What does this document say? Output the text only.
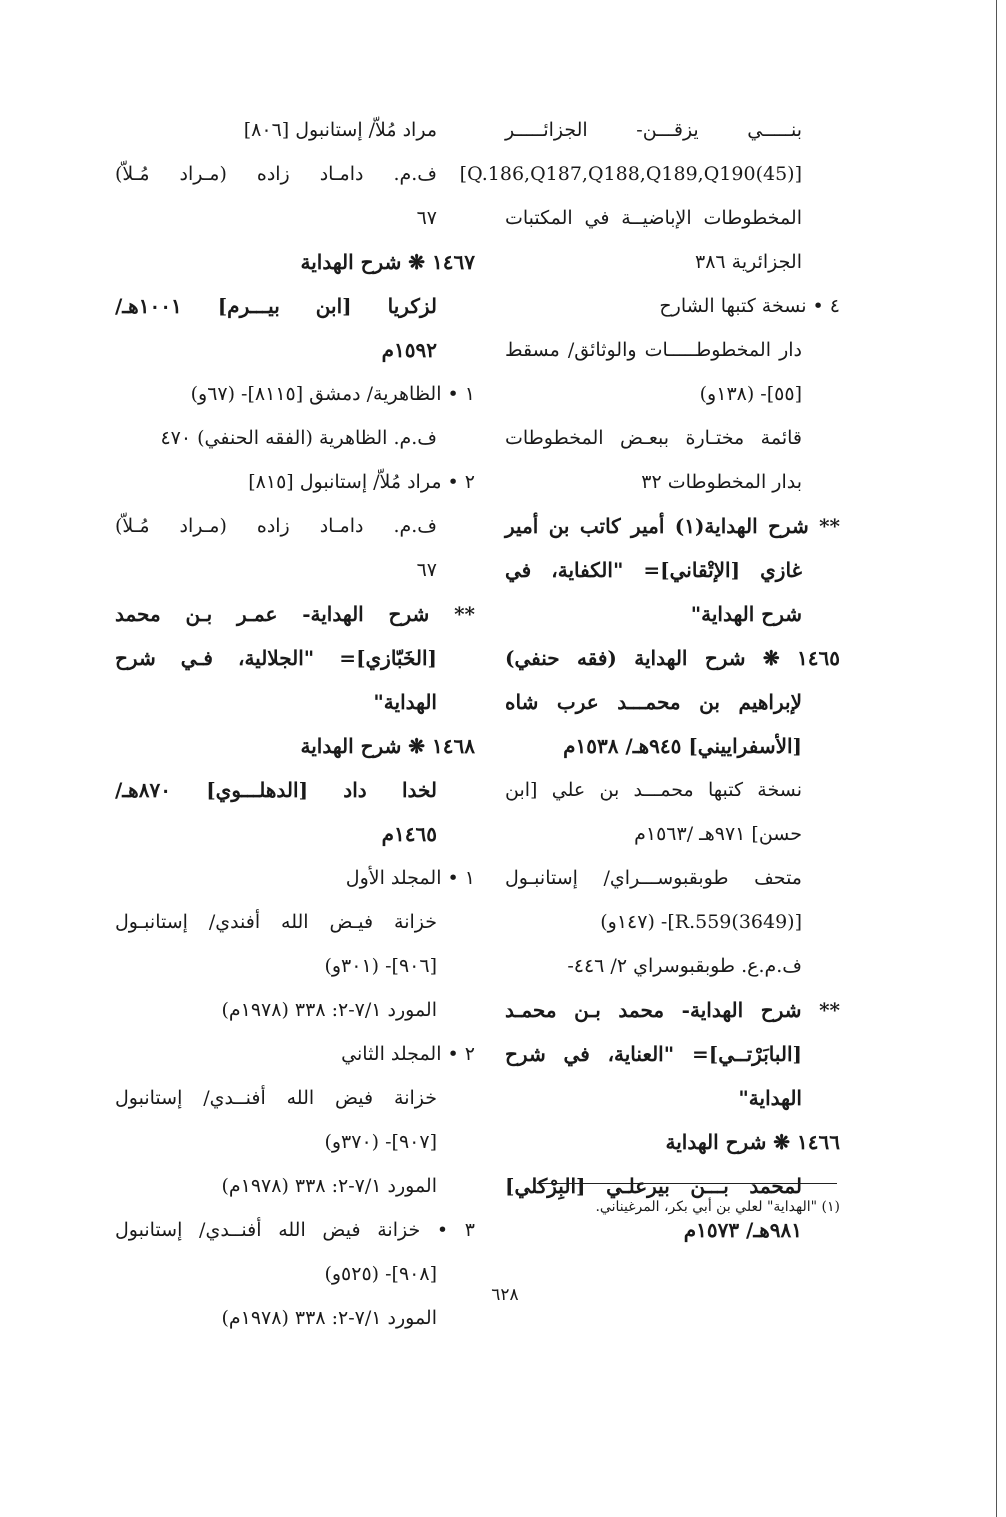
بنـــــي يزقـــن- الجزائـــــر
[(45)Q.186,Q187,Q188,Q189,Q190]
المخطوطات الإباضيــة في المكتبات
الجزائرية ٣٨٦
٤ • نسخة كتبها الشارح
دار المخطوطـــــات والوثائق/ مسقط
[٥٥]- (١٣٨و)
قائمة مختـارة ببعـض المخطوطات
بدار المخطوطات ٣٢
** شرح الهداية(١) أمير كاتب بن أمير
غازي [الإتْقاني]= "الكفاية، في
شرح الهداية"
١٤٦٥ ❋ شرح الهداية (فقه حنفي)
لإبراهيم بن محمـــد عرب شاه
[الأسفراييني] ٩٤٥هـ/ ١٥٣٨م
نسخة كتبها محمـــد بن علي [ابن
حسن] ٩٧١هـ /١٥٦٣م
متحف طوبقبوســـراي/ إستانبـول
[(3649)R.559]- (١٤٧و)
ف.م.ع. طوبقبوسراي ٢/ ٤٤٦-
** شرح الهداية- محمد بـن محمـد
[البابَرْتــي]= "العناية، في شرح
الهداية"
١٤٦٦ ❋ شرح الهداية
لمحمد بـــن بيرعلـي [البِرْكلي]
٩٨١هـ/ ١٥٧٣م
مراد مُلاّ/ إستانبول [٨٠٦]
ف.م. دامـاد زاده (مـراد مُـلاّ)
٦٧
١٤٦٧ ❋ شرح الهداية
لزكريا [ابن بيـــرم] ١٠٠١هـ/
١٥٩٢م
١ • الظاهرية/ دمشق [٨١١٥]- (٦٧و)
ف.م. الظاهرية (الفقه الحنفي) ٤٧٠
٢ • مراد مُلاّ/ إستانبول [٨١٥]
ف.م. دامـاد زاده (مـراد مُـلاّ)
٦٧
** شرح الهداية- عمـر بـن محمد
[الخَبّازي]= "الجلالية، فـي شرح
الهداية"
١٤٦٨ ❋ شرح الهداية
لخدا داد [الدهلـــوي] ٨٧٠هـ/
١٤٦٥م
١ • المجلد الأول
خزانة فيـض الله أفندي/ إستانبـول
[٩٠٦]- (٣٠١و)
المورد ٧/١-٢: ٣٣٨ (١٩٧٨م)
٢ • المجلد الثاني
خزانة فيض الله أفنــدي/ إستانبول
[٩٠٧]- (٣٧٠و)
المورد ٧/١-٢: ٣٣٨ (١٩٧٨م)
٣ • خزانة فيض الله أفنــدي/ إستانبول
[٩٠٨]- (٥٢٥و)
المورد ٧/١-٢: ٣٣٨ (١٩٧٨م)
(١) "الهداية" لعلي بن أبي بكر، المرغيناني.
٦٢٨
